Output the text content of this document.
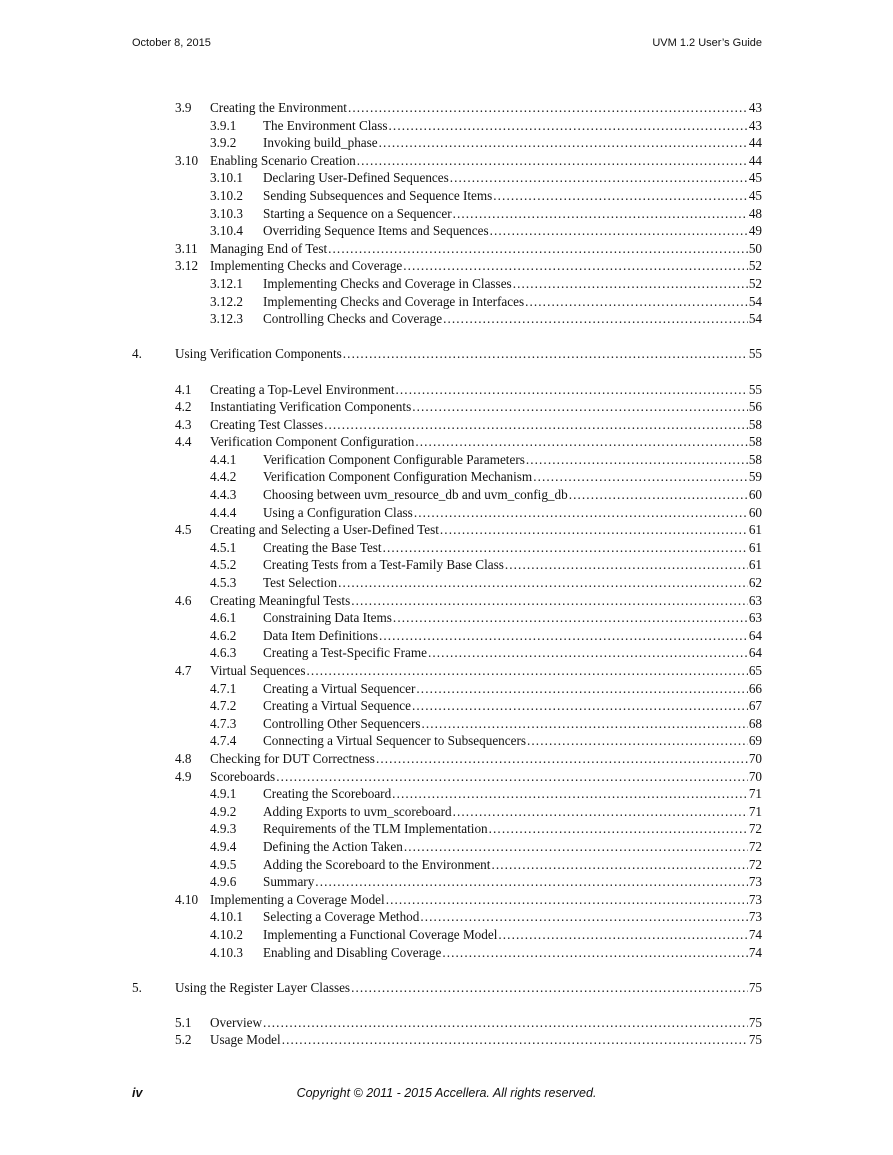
October 8, 2015	UVM 1.2 User’s Guide
3.9 Creating the Environment . . .	43
3.9.1 The Environment Class . . .	43
3.9.2 Invoking build_phase . . .	44
3.10 Enabling Scenario Creation . . .	44
3.10.1 Declaring User-Defined Sequences . . .	45
3.10.2 Sending Subsequences and Sequence Items . . .	45
3.10.3 Starting a Sequence on a Sequencer . . .	48
3.10.4 Overriding Sequence Items and Sequences . . .	49
3.11 Managing End of Test . . .	50
3.12 Implementing Checks and Coverage . . .	52
3.12.1 Implementing Checks and Coverage in Classes . . .	52
3.12.2 Implementing Checks and Coverage in Interfaces . . .	54
3.12.3 Controlling Checks and Coverage . . .	54
4.	Using Verification Components . . .	55
4.1 Creating a Top-Level Environment . . .	55
4.2 Instantiating Verification Components . . .	56
4.3 Creating Test Classes . . .	58
4.4 Verification Component Configuration . . .	58
4.4.1 Verification Component Configurable Parameters . . .	58
4.4.2 Verification Component Configuration Mechanism . . .	59
4.4.3 Choosing between uvm_resource_db and uvm_config_db . . .	60
4.4.4 Using a Configuration Class . . .	60
4.5 Creating and Selecting a User-Defined Test . . .	61
4.5.1 Creating the Base Test . . .	61
4.5.2 Creating Tests from a Test-Family Base Class . . .	61
4.5.3 Test Selection . . .	62
4.6 Creating Meaningful Tests . . .	63
4.6.1 Constraining Data Items . . .	63
4.6.2 Data Item Definitions . . .	64
4.6.3 Creating a Test-Specific Frame . . .	64
4.7 Virtual Sequences . . .	65
4.7.1 Creating a Virtual Sequencer . . .	66
4.7.2 Creating a Virtual Sequence . . .	67
4.7.3 Controlling Other Sequencers . . .	68
4.7.4 Connecting a Virtual Sequencer to Subsequencers . . .	69
4.8 Checking for DUT Correctness . . .	70
4.9 Scoreboards . . .	70
4.9.1 Creating the Scoreboard . . .	71
4.9.2 Adding Exports to uvm_scoreboard . . .	71
4.9.3 Requirements of the TLM Implementation . . .	72
4.9.4 Defining the Action Taken . . .	72
4.9.5 Adding the Scoreboard to the Environment . . .	72
4.9.6 Summary . . .	73
4.10 Implementing a Coverage Model . . .	73
4.10.1 Selecting a Coverage Method . . .	73
4.10.2 Implementing a Functional Coverage Model . . .	74
4.10.3 Enabling and Disabling Coverage . . .	74
5.	Using the Register Layer Classes . . .	75
5.1 Overview . . .	75
5.2 Usage Model . . .	75
iv	Copyright © 2011 - 2015 Accellera. All rights reserved.
